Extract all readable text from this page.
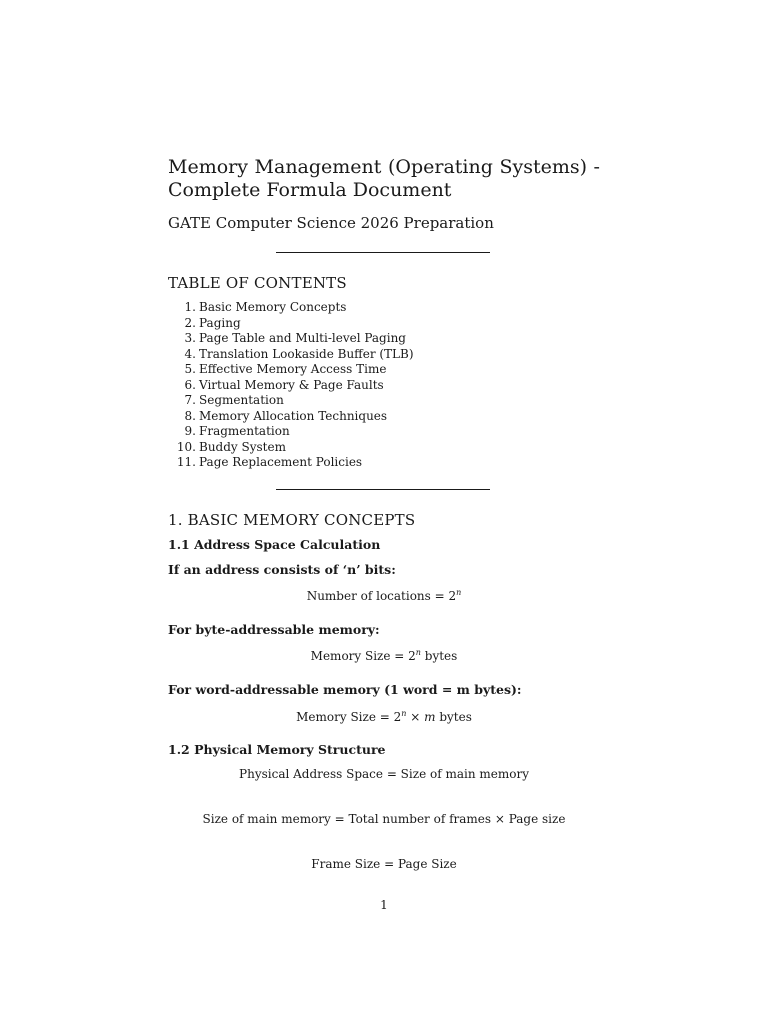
Memory Management (Operating Systems) -
Complete Formula Document
GATE Computer Science 2026 Preparation
TABLE OF CONTENTS
1. Basic Memory Concepts
2. Paging
3. Page Table and Multi-level Paging
4. Translation Lookaside Buffer (TLB)
5. Effective Memory Access Time
6. Virtual Memory & Page Faults
7. Segmentation
8. Memory Allocation Techniques
9. Fragmentation
10. Buddy System
11. Page Replacement Policies
1. BASIC MEMORY CONCEPTS
1.1 Address Space Calculation

If an address consists of ‘n’ bits:

Number of locations = $2^n$

For byte-addressable memory:

Memory Size = $2^n$ bytes

For word-addressable memory (1 word = m bytes):

Memory Size = $2^n \times m$ bytes

1.2 Physical Memory Structure

Physical Address Space = Size of main memory

Size of main memory = Total number of frames × Page size

Frame Size = Page Size

1
